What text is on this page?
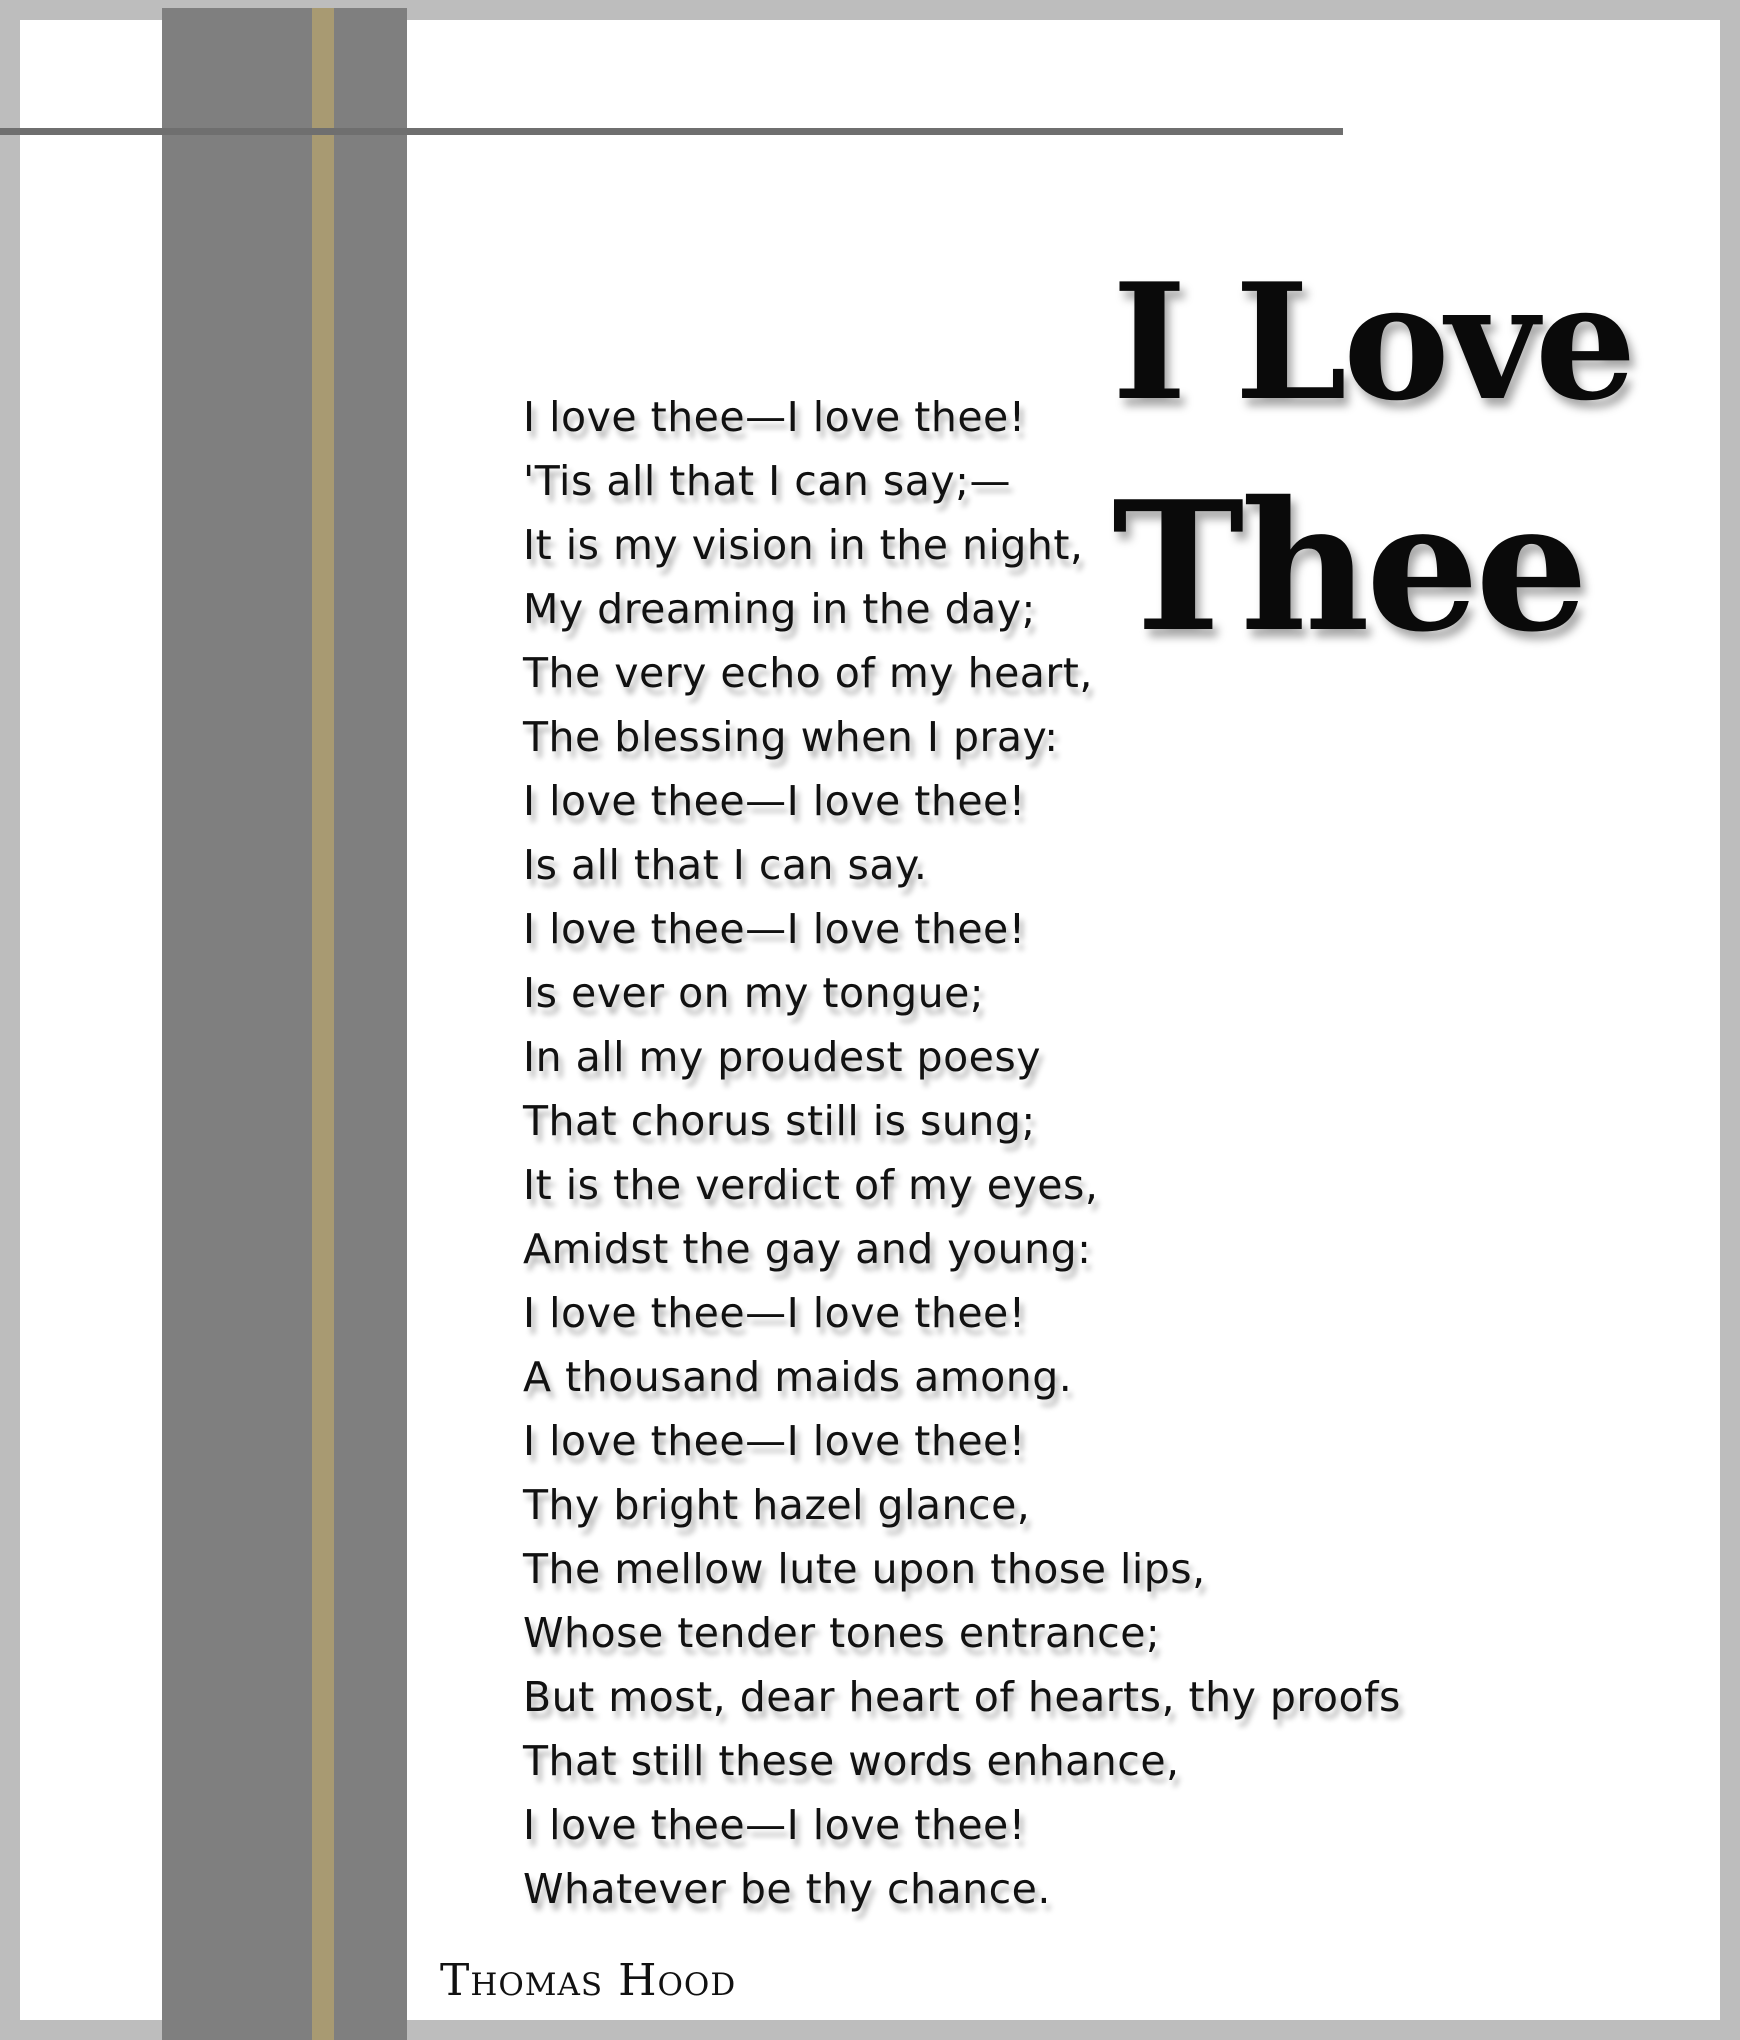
I Love
Thee
I love thee—I love thee!
'Tis all that I can say;—
It is my vision in the night,
My dreaming in the day;
The very echo of my heart,
The blessing when I pray:
I love thee—I love thee!
Is all that I can say.
I love thee—I love thee!
Is ever on my tongue;
In all my proudest poesy
That chorus still is sung;
It is the verdict of my eyes,
Amidst the gay and young:
I love thee—I love thee!
A thousand maids among.
I love thee—I love thee!
Thy bright hazel glance,
The mellow lute upon those lips,
Whose tender tones entrance;
But most, dear heart of hearts, thy proofs
That still these words enhance,
I love thee—I love thee!
Whatever be thy chance.
Thomas Hood
